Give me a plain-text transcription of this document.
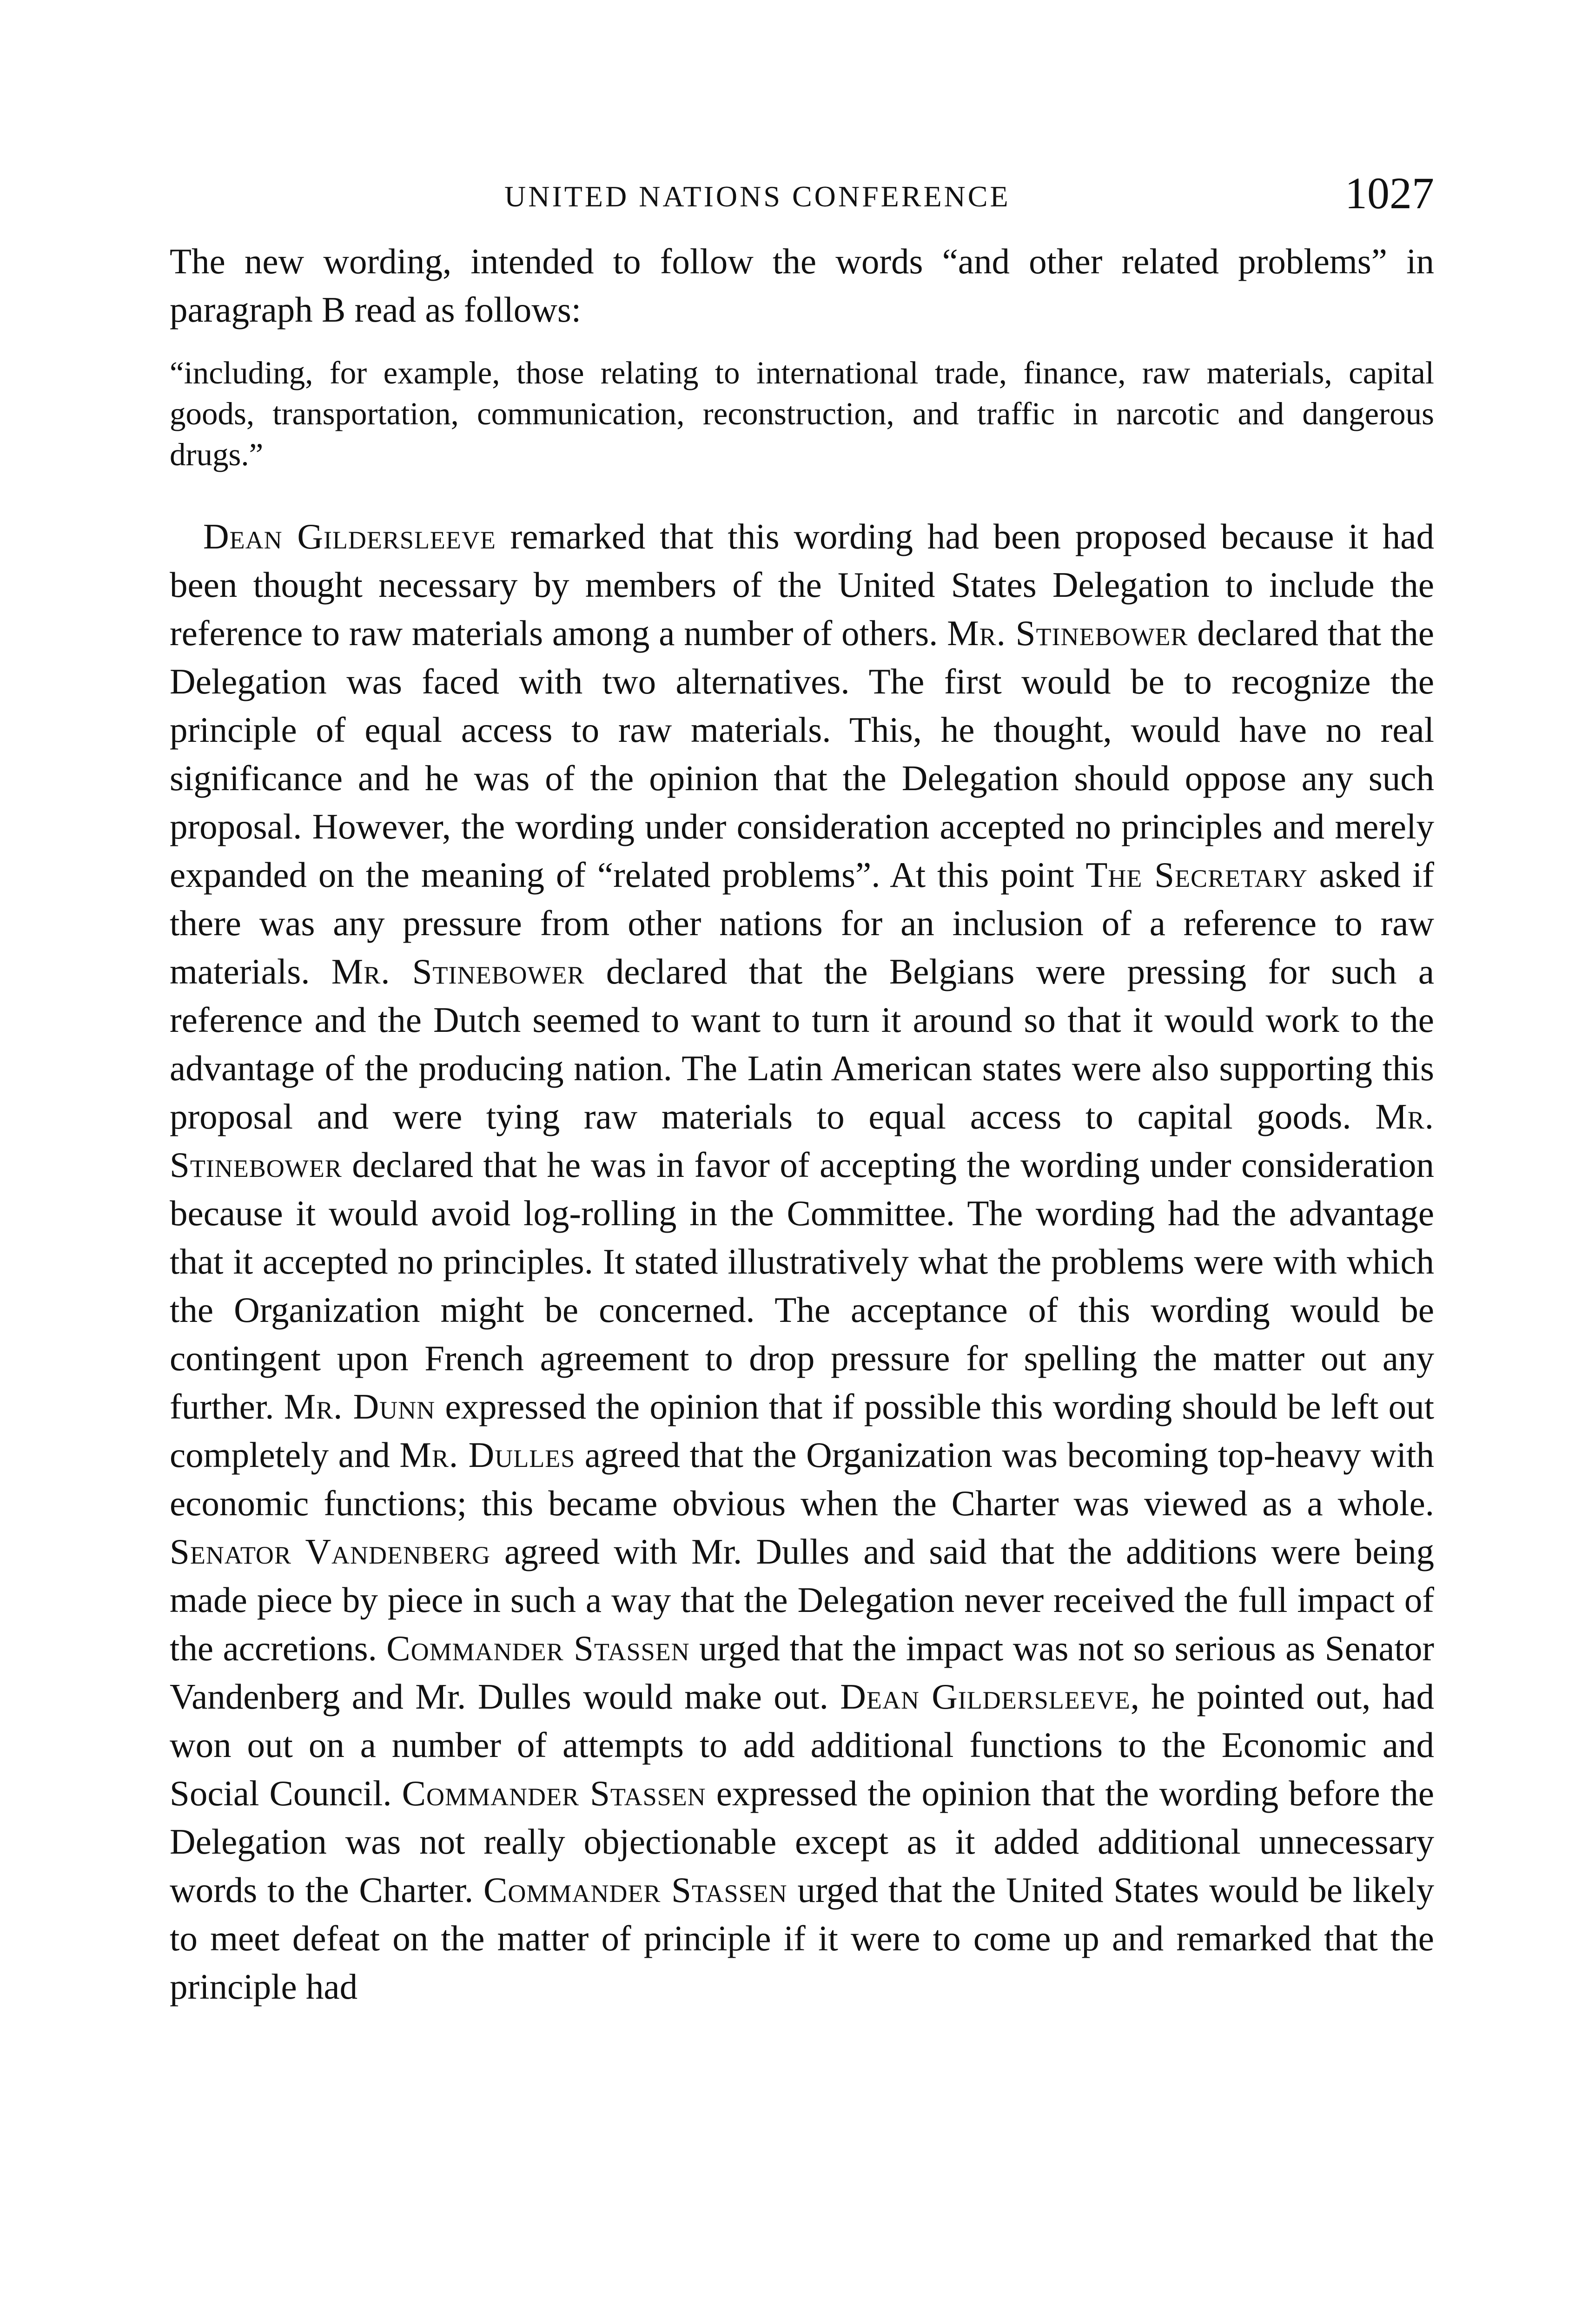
UNITED NATIONS CONFERENCE	1027

The new wording, intended to follow the words “and other related problems” in paragraph B read as follows:

“including, for example, those relating to international trade, finance, raw materials, capital goods, transportation, communication, reconstruction, and traffic in narcotic and dangerous drugs.”

Dean Gildersleeve remarked that this wording had been proposed because it had been thought necessary by members of the United States Delegation to include the reference to raw materials among a number of others. Mr. Stinebower declared that the Delegation was faced with two alternatives. The first would be to recognize the principle of equal access to raw materials. This, he thought, would have no real significance and he was of the opinion that the Delegation should oppose any such proposal. However, the wording under consideration accepted no principles and merely expanded on the meaning of “related problems”. At this point The Secretary asked if there was any pressure from other nations for an inclusion of a reference to raw materials. Mr. Stinebower declared that the Belgians were pressing for such a reference and the Dutch seemed to want to turn it around so that it would work to the advantage of the producing nation. The Latin American states were also supporting this proposal and were tying raw materials to equal access to capital goods. Mr. Stinebower declared that he was in favor of accepting the wording under consideration because it would avoid log-rolling in the Committee. The wording had the advantage that it accepted no principles. It stated illustratively what the problems were with which the Organization might be concerned. The acceptance of this wording would be contingent upon French agreement to drop pressure for spelling the matter out any further. Mr. Dunn expressed the opinion that if possible this wording should be left out completely and Mr. Dulles agreed that the Organization was becoming top-heavy with economic functions; this became obvious when the Charter was viewed as a whole. Senator Vandenberg agreed with Mr. Dulles and said that the additions were being made piece by piece in such a way that the Delegation never received the full impact of the accretions. Commander Stassen urged that the impact was not so serious as Senator Vandenberg and Mr. Dulles would make out. Dean Gildersleeve, he pointed out, had won out on a number of attempts to add additional functions to the Economic and Social Council. Commander Stassen expressed the opinion that the wording before the Delegation was not really objectionable except as it added additional unnecessary words to the Charter. Commander Stassen urged that the United States would be likely to meet defeat on the matter of principle if it were to come up and remarked that the principle had
